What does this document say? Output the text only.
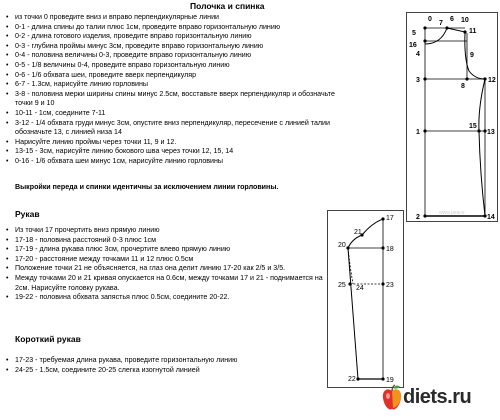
Полочка и спинка
• из точки 0 проведите вниз и вправо перпендикулярные линии
• 0-1 - длина спины до талии плюс 1см, проведите вправо горизонтальную линию
• 0-2 - длина готового изделия, проведите вправо горизонтальную линию
• 0-3 - глубина проймы минус 3см, проведите вправо горизонтальную линию
• 0-4 - половина величины 0-3, проведите вправо горизонтальную линию
• 0-5 - 1/8 величины 0-4, проведите вправо горизонтальную линию
• 0-6 - 1/6 обхвата шеи, проведите вверх перпендикуляр
• 6-7 - 1.3см, нарисуйте линию горловины
• 3-8 - половина мерки ширины спины минус 2.5см, восставьте вверх перпендикуляр и обозначьте точки 9 и 10
• 10-11 - 1см, соедините 7-11
• 3-12 - 1/4 обхвата груди минус 3см, опустите вниз перпендикуляр, пересечение с линией талии обозначьте 13, с линией низа 14
• Нарисуйте линию проймы через точки 11, 9 и 12.
• 13-15 - 3см, нарисуйте линию бокового шва через точки 12, 15, 14
• 0-16 - 1/6 обхвата шеи минус 1см, нарисуйте линию горловины

Выкройки переда и спинки идентичны за исключением линии горловины.

0	6
7	10
11
5
16
4	9
3
8
12
1
15
13
2	14
www.peace
Рукав
• Из точки 17 прочертить вниз прямую линию
• 17-18 - половина расстояний 0-3 плюс 1см
• 17-19 - длина рукава плюс 3см, прочертите влево прямую линию
• 17-20 - расстояние между точками 11 и 12 плюс 0.5см
• Положение точки 21 не объясняется, на глаз она делит линию 17-20 как 2/5 и 3/5.
• Между точками 20 и 21 кривая опускается на 0.6см, между точками 17 и 21 - поднимается на 2см. Нарисуйте головку рукава.
• 19-22 - половина обхвата запястья плюс 0.5см, соедините 20-22.
17
21
20
18
25 24	23
22	19
Короткий рукав
• 17-23 - требуемая длина рукава, проведите горизонтальную линию
• 24-25 - 1.5см, соедините 20-25 слегка изогнутой линией
diets.ru
